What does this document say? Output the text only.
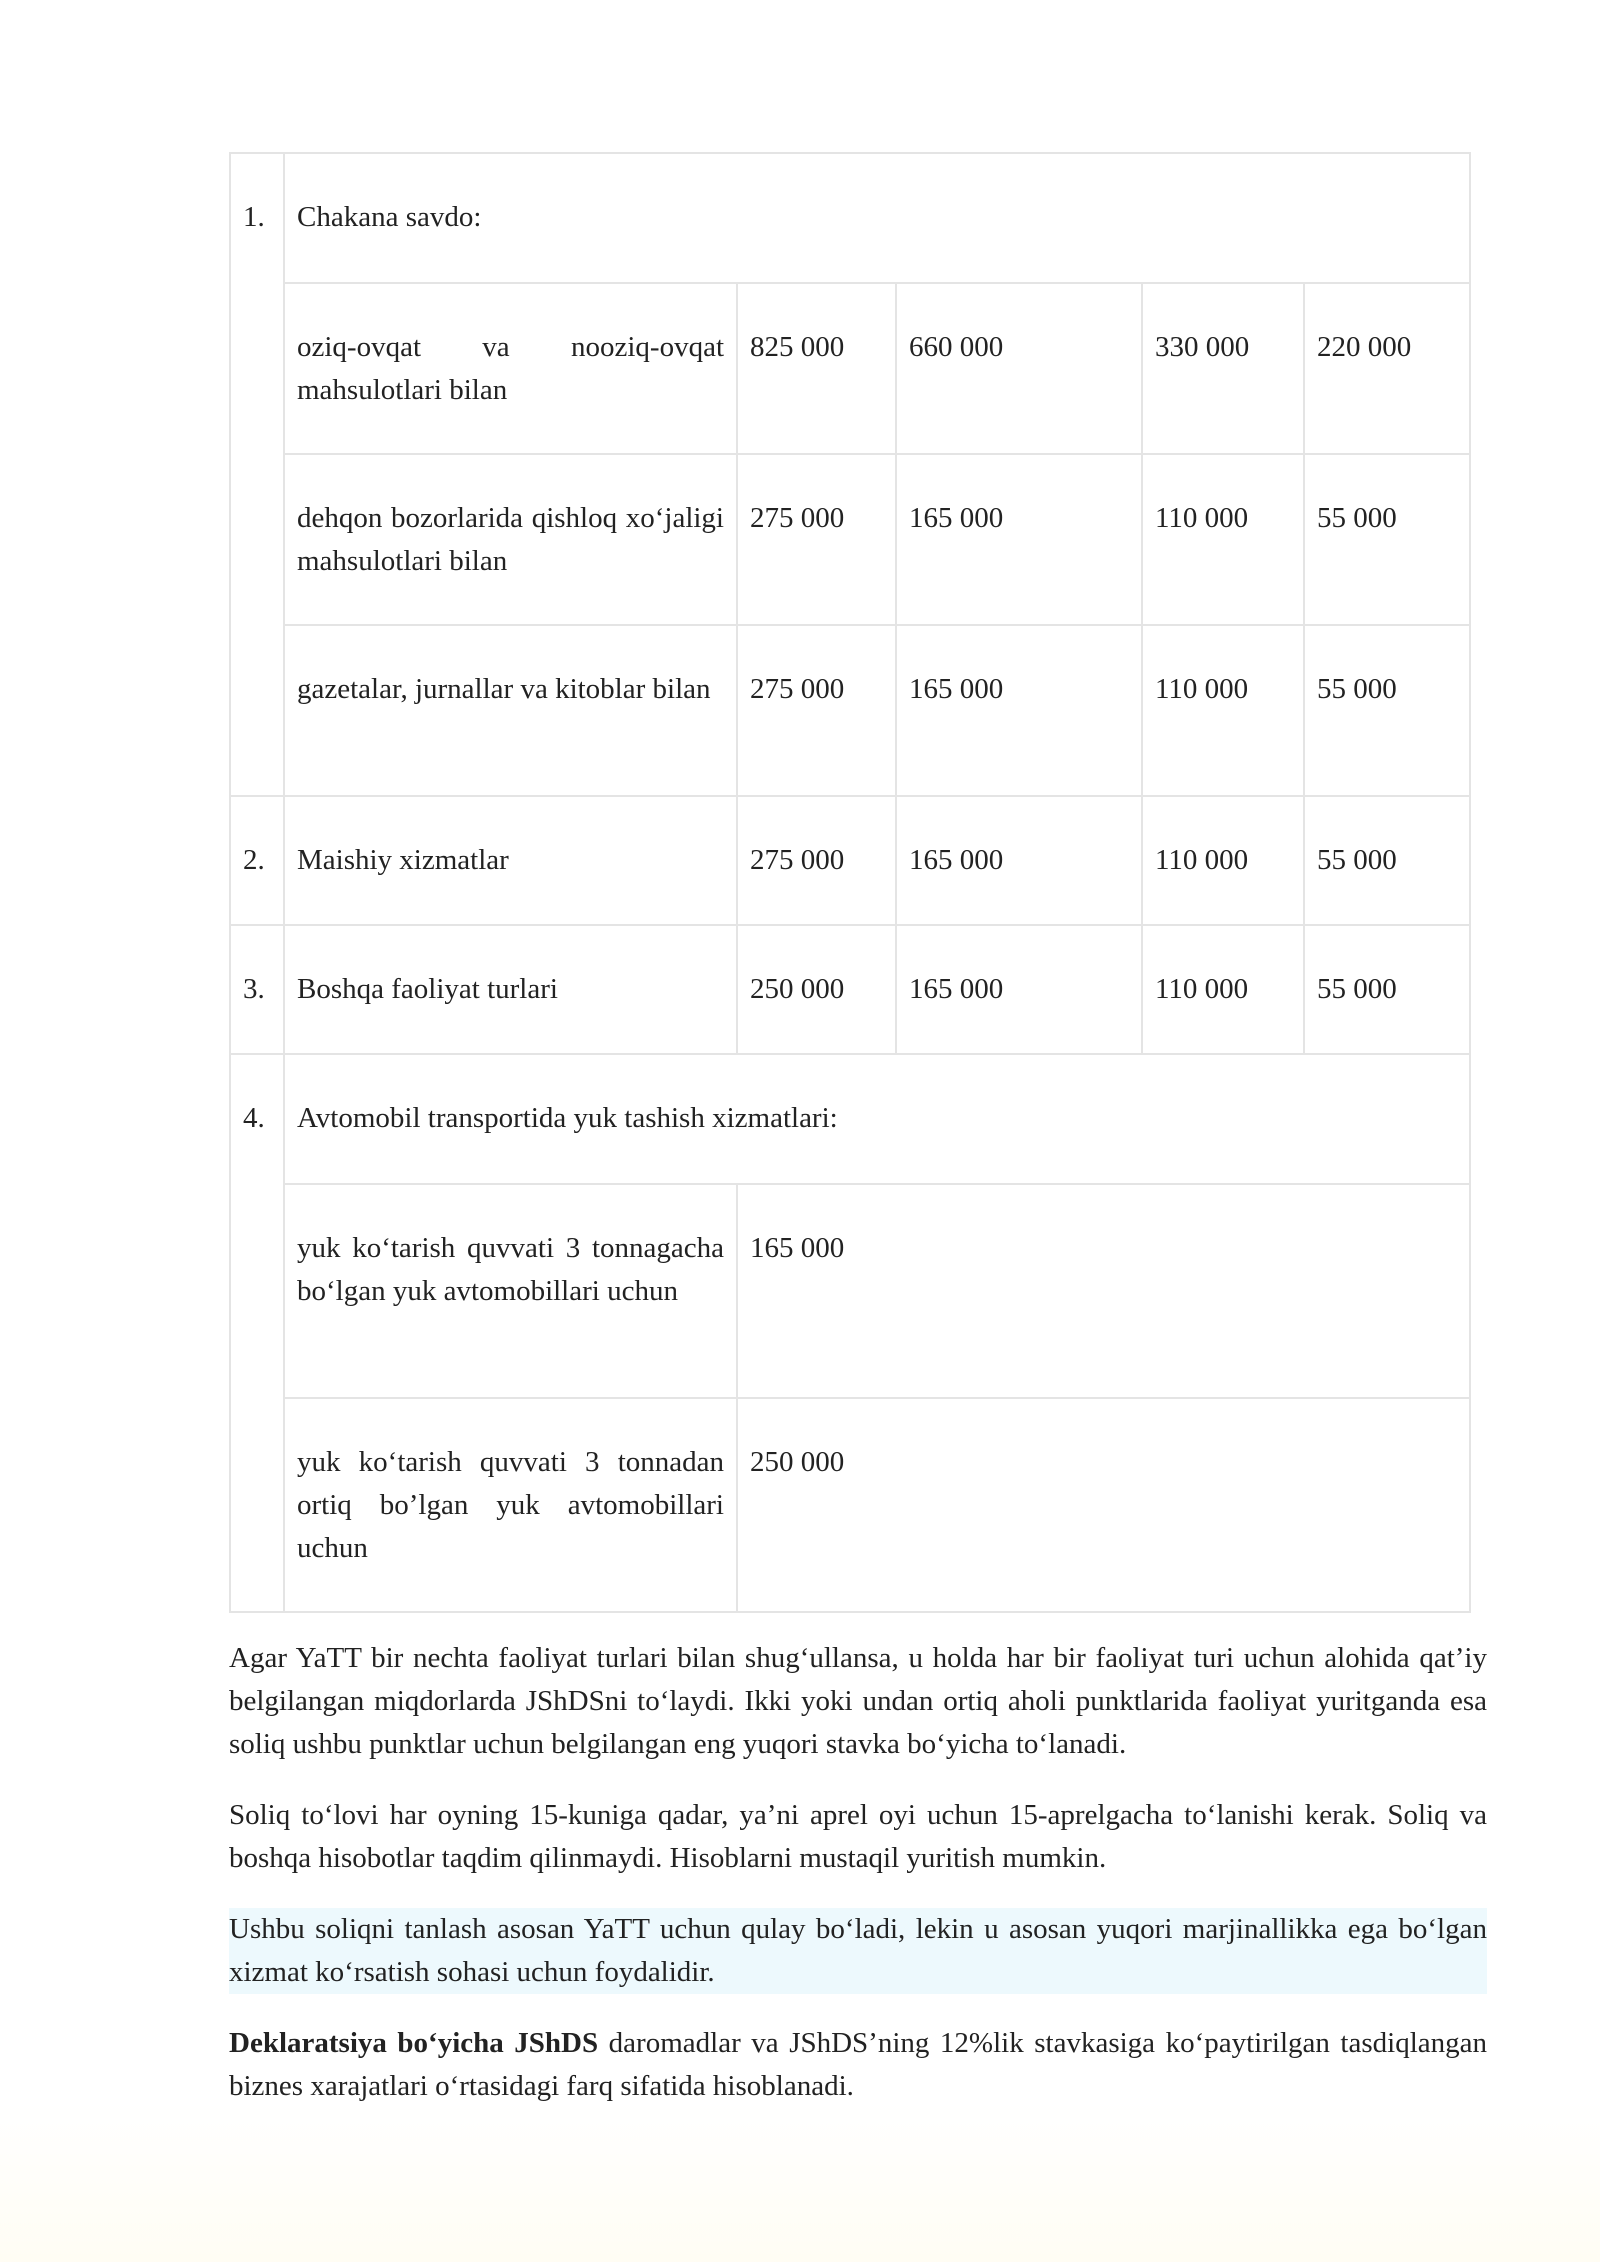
1.	Chakana savdo:				
	oziq-ovqat va nooziq-ovqat mahsulotlari bilan	825 000	660 000	330 000	220 000
	dehqon bozorlarida qishloq xo‘jaligi mahsulotlari bilan	275 000	165 000	110 000	55 000
	gazetalar, jurnallar va kitoblar bilan	275 000	165 000	110 000	55 000
2.	Maishiy xizmatlar	275 000	165 000	110 000	55 000
3.	Boshqa faoliyat turlari	250 000	165 000	110 000	55 000
4.	Avtomobil transportida yuk tashish xizmatlari:				
	yuk ko‘tarish quvvati 3 tonnagacha bo‘lgan yuk avtomobillari uchun	165 000			
	yuk ko‘tarish quvvati 3 tonnadan ortiq bo’lgan yuk avtomobillari uchun	250 000			

Agar YaTT bir nechta faoliyat turlari bilan shug‘ullansa, u holda har bir faoliyat turi uchun alohida qat’iy belgilangan miqdorlarda JShDSni to‘laydi. Ikki yoki undan ortiq aholi punktlarida faoliyat yuritganda esa soliq ushbu punktlar uchun belgilangan eng yuqori stavka bo‘yicha to‘lanadi.

Soliq to‘lovi har oyning 15-kuniga qadar, ya’ni aprel oyi uchun 15-aprelgacha to‘lanishi kerak. Soliq va boshqa hisobotlar taqdim qilinmaydi. Hisoblarni mustaqil yuritish mumkin.

Ushbu soliqni tanlash asosan YaTT uchun qulay bo‘ladi, lekin u asosan yuqori marjinallikka ega bo‘lgan xizmat ko‘rsatish sohasi uchun foydalidir.

Deklaratsiya bo‘yicha JShDS daromadlar va JShDS’ning 12%lik stavkasiga ko‘paytirilgan tasdiqlangan biznes xarajatlari o‘rtasidagi farq sifatida hisoblanadi.
